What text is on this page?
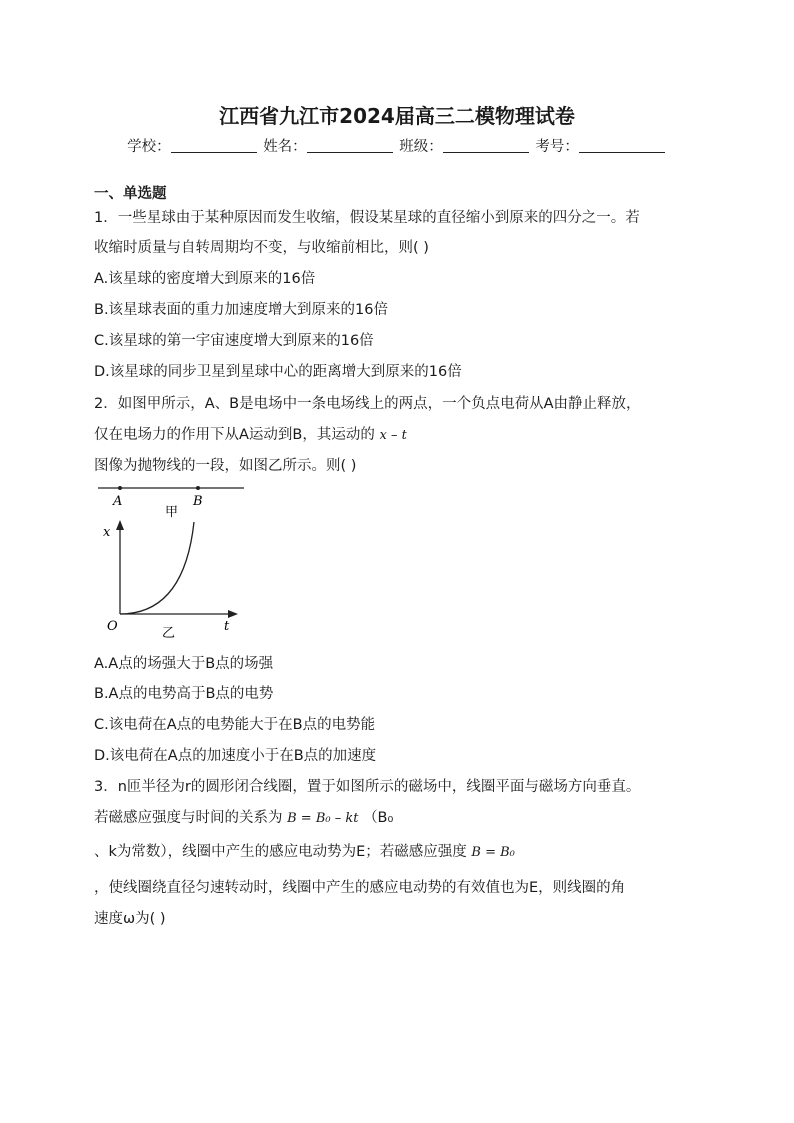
江西省九江市2024届高三二模物理试卷
学校：	姓名：	班级：	考号：
一、单选题
1．一些星球由于某种原因而发生收缩，假设某星球的直径缩小到原来的四分之一。若
收缩时质量与自转周期均不变，与收缩前相比，则( )
A.该星球的密度增大到原来的16倍
B.该星球表面的重力加速度增大到原来的16倍
C.该星球的第一宇宙速度增大到原来的16倍
D.该星球的同步卫星到星球中心的距离增大到原来的16倍
2．如图甲所示，A、B是电场中一条电场线上的两点，一个负点电荷从A由静止释放，
仅在电场力的作用下从A运动到B，其运动的 x – t
图像为抛物线的一段，如图乙所示。则( )
A	B
甲
x
O	t
乙
A.A点的场强大于B点的场强
B.A点的电势高于B点的电势
C.该电荷在A点的电势能大于在B点的电势能
D.该电荷在A点的加速度小于在B点的加速度
3．n匝半径为r的圆形闭合线圈，置于如图所示的磁场中，线圈平面与磁场方向垂直。
若磁感应强度与时间的关系为 B = B₀ – kt （B₀
、k为常数），线圈中产生的感应电动势为E；若磁感应强度 B = B₀
，使线圈绕直径匀速转动时，线圈中产生的感应电动势的有效值也为E，则线圈的角
速度ω为( )
